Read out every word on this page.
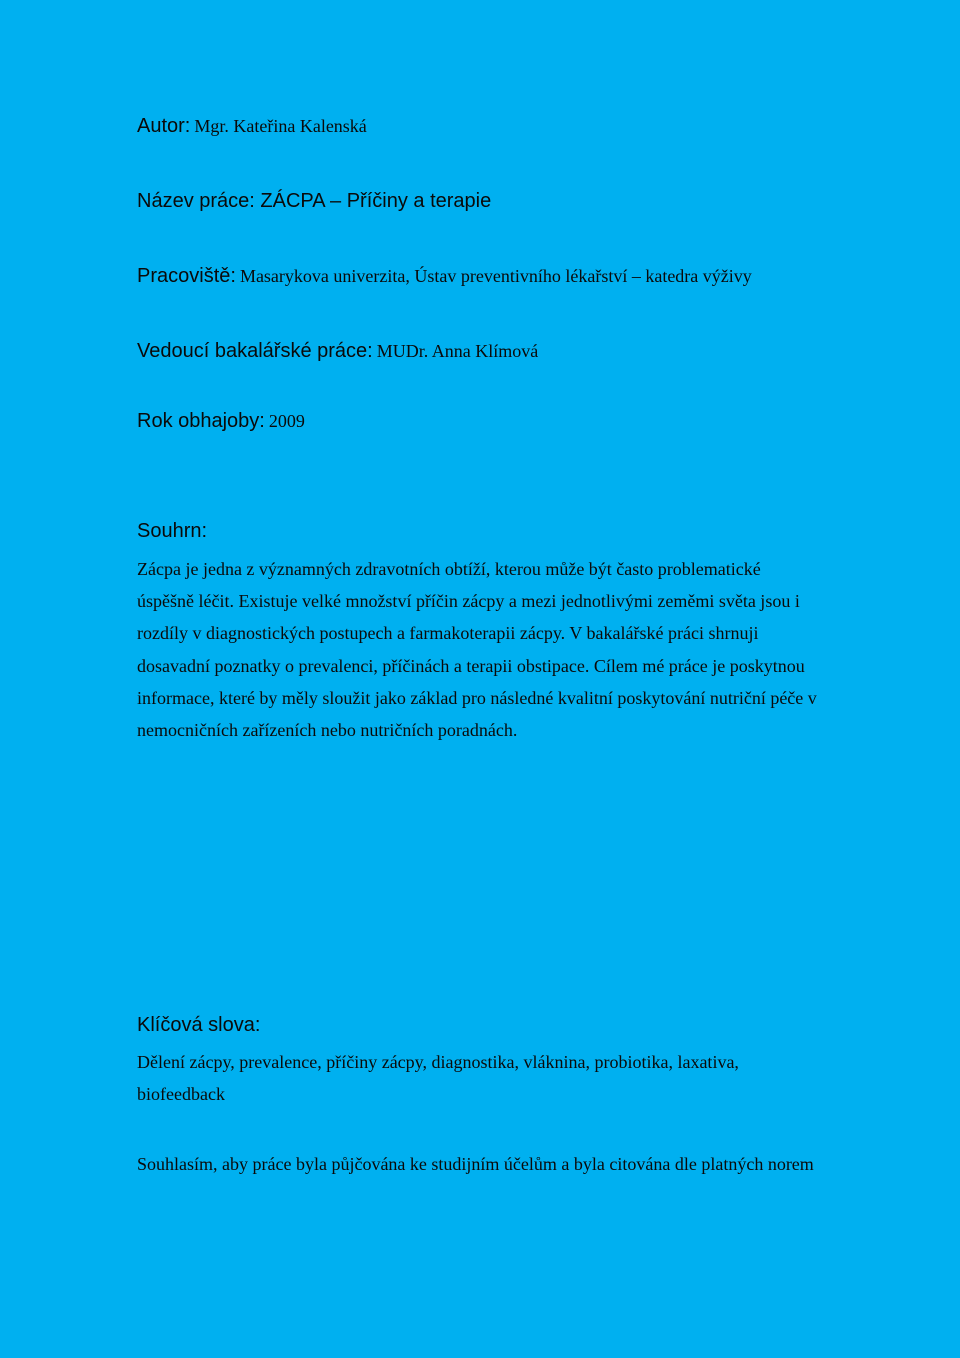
Autor: Mgr. Kateřina Kalenská
Název práce: ZÁCPA – Příčiny a terapie
Pracoviště: Masarykova univerzita, Ústav preventivního lékařství – katedra výživy
Vedoucí bakalářské práce: MUDr. Anna Klímová
Rok obhajoby: 2009
Souhrn:
Zácpa je jedna z významných zdravotních obtíží, kterou může být často problematické
úspěšně léčit. Existuje velké množství příčin zácpy a mezi jednotlivými zeměmi světa jsou i
rozdíly v diagnostických postupech a farmakoterapii zácpy. V bakalářské práci shrnuji
dosavadní poznatky o prevalenci, příčinách a terapii obstipace. Cílem mé práce je poskytnou
informace, které by měly sloužit jako základ pro následné kvalitní poskytování nutriční péče v
nemocničních zařízeních nebo nutričních poradnách.
Klíčová slova:
Dělení zácpy, prevalence, příčiny zácpy, diagnostika, vláknina, probiotika, laxativa,
biofeedback
Souhlasím, aby práce byla půjčována ke studijním účelům a byla citována dle platných norem
